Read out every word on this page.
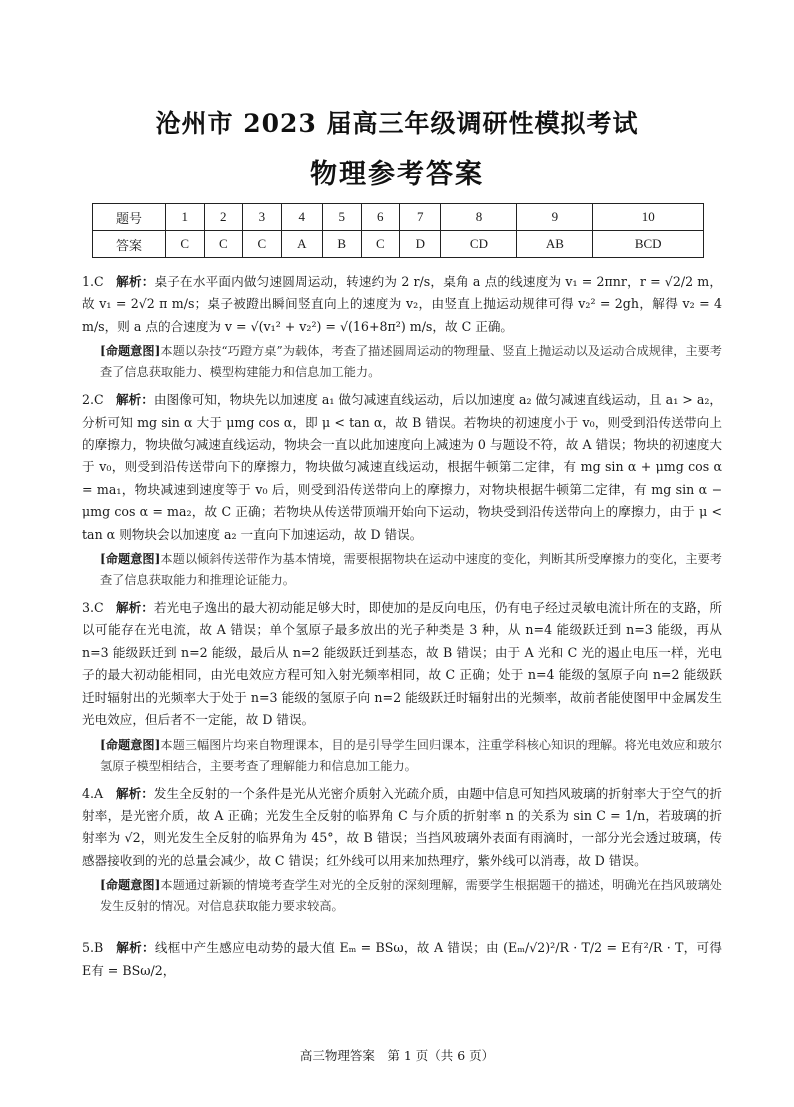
沧州市 2023 届高三年级调研性模拟考试
物理参考答案
题号	1	2	3	4	5	6	7	8	9	10
答案	C	C	C	A	B	C	D	CD	AB	BCD

1.C 解析：桌子在水平面内做匀速圆周运动，转速约为 2 r/s，桌角 a 点的线速度为 v₁ = 2πnr，r = √2/2 m，故 v₁ = 2√2 π m/s；桌子被蹬出瞬间竖直向上的速度为 v₂，由竖直上抛运动规律可得 v₂² = 2gh，解得 v₂ = 4 m/s，则 a 点的合速度为 v = √(v₁² + v₂²) = √(16+8π²) m/s，故 C 正确。

[命题意图]本题以杂技“巧蹬方桌”为载体，考查了描述圆周运动的物理量、竖直上抛运动以及运动合成规律，主要考查了信息获取能力、模型构建能力和信息加工能力。

2.C 解析：由图像可知，物块先以加速度 a₁ 做匀减速直线运动，后以加速度 a₂ 做匀减速直线运动，且 a₁ > a₂，分析可知 mg sin α 大于 μmg cos α，即 μ < tan α，故 B 错误。若物块的初速度小于 v₀，则受到沿传送带向上的摩擦力，物块做匀减速直线运动，物块会一直以此加速度向上减速为 0 与题设不符，故 A 错误；物块的初速度大于 v₀，则受到沿传送带向下的摩擦力，物块做匀减速直线运动，根据牛顿第二定律，有 mg sin α + μmg cos α = ma₁，物块减速到速度等于 v₀ 后，则受到沿传送带向上的摩擦力，对物块根据牛顿第二定律，有 mg sin α − μmg cos α = ma₂，故 C 正确；若物块从传送带顶端开始向下运动，物块受到沿传送带向上的摩擦力，由于 μ < tan α 则物块会以加速度 a₂ 一直向下加速运动，故 D 错误。

[命题意图]本题以倾斜传送带作为基本情境，需要根据物块在运动中速度的变化，判断其所受摩擦力的变化，主要考查了信息获取能力和推理论证能力。

3.C 解析：若光电子逸出的最大初动能足够大时，即使加的是反向电压，仍有电子经过灵敏电流计所在的支路，所以可能存在光电流，故 A 错误；单个氢原子最多放出的光子种类是 3 种，从 n=4 能级跃迁到 n=3 能级，再从 n=3 能级跃迁到 n=2 能级，最后从 n=2 能级跃迁到基态，故 B 错误；由于 A 光和 C 光的遏止电压一样，光电子的最大初动能相同，由光电效应方程可知入射光频率相同，故 C 正确；处于 n=4 能级的氢原子向 n=2 能级跃迁时辐射出的光频率大于处于 n=3 能级的氢原子向 n=2 能级跃迁时辐射出的光频率，故前者能使图甲中金属发生光电效应，但后者不一定能，故 D 错误。

[命题意图]本题三幅图片均来自物理课本，目的是引导学生回归课本，注重学科核心知识的理解。将光电效应和玻尔氢原子模型相结合，主要考查了理解能力和信息加工能力。

4.A 解析：发生全反射的一个条件是光从光密介质射入光疏介质，由题中信息可知挡风玻璃的折射率大于空气的折射率，是光密介质，故 A 正确；光发生全反射的临界角 C 与介质的折射率 n 的关系为 sin C = 1/n，若玻璃的折射率为 √2，则光发生全反射的临界角为 45°，故 B 错误；当挡风玻璃外表面有雨滴时，一部分光会透过玻璃，传感器接收到的光的总量会减少，故 C 错误；红外线可以用来加热理疗，紫外线可以消毒，故 D 错误。

[命题意图]本题通过新颖的情境考查学生对光的全反射的深刻理解，需要学生根据题干的描述，明确光在挡风玻璃处发生反射的情况。对信息获取能力要求较高。

5.B 解析：线框中产生感应电动势的最大值 Eₘ = BSω，故 A 错误；由 (Eₘ/√2)²/R · T/2 = E有²/R · T，可得 E有 = BSω/2，

高三物理答案　第 1 页（共 6 页）
